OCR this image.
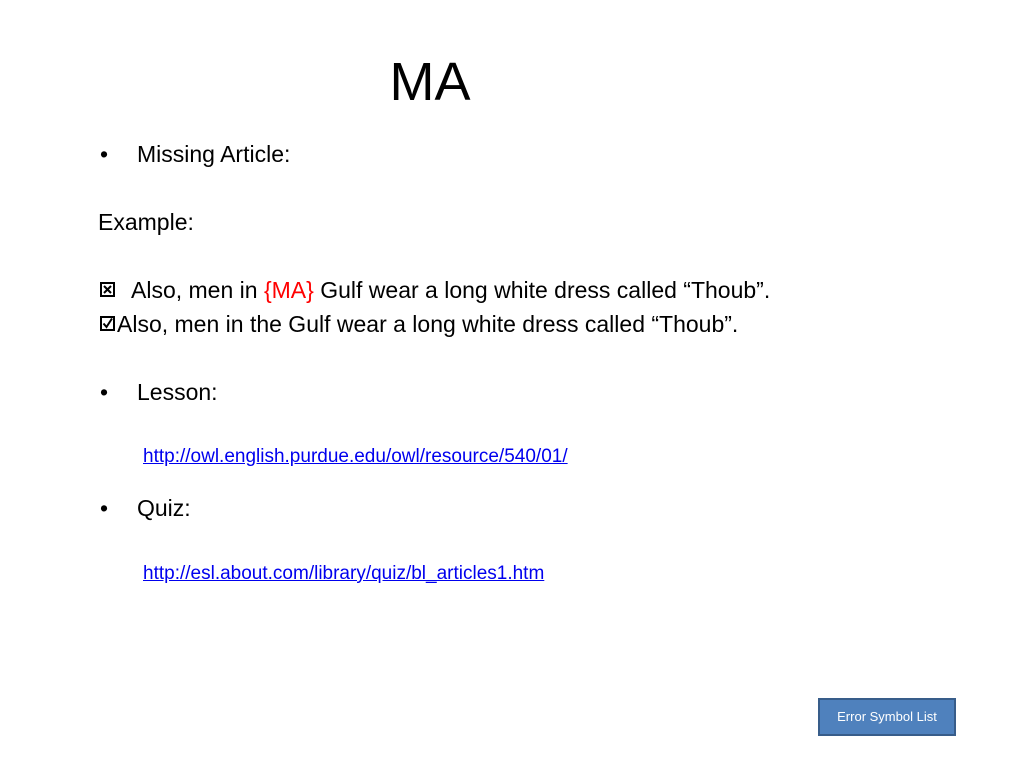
MA
• Missing Article:
Example:
Also, men in {MA} Gulf wear a long white dress called “Thoub”.
Also, men in the Gulf wear a long white dress called “Thoub”.
• Lesson:
http://owl.english.purdue.edu/owl/resource/540/01/
• Quiz:
http://esl.about.com/library/quiz/bl_articles1.htm
Error Symbol List
